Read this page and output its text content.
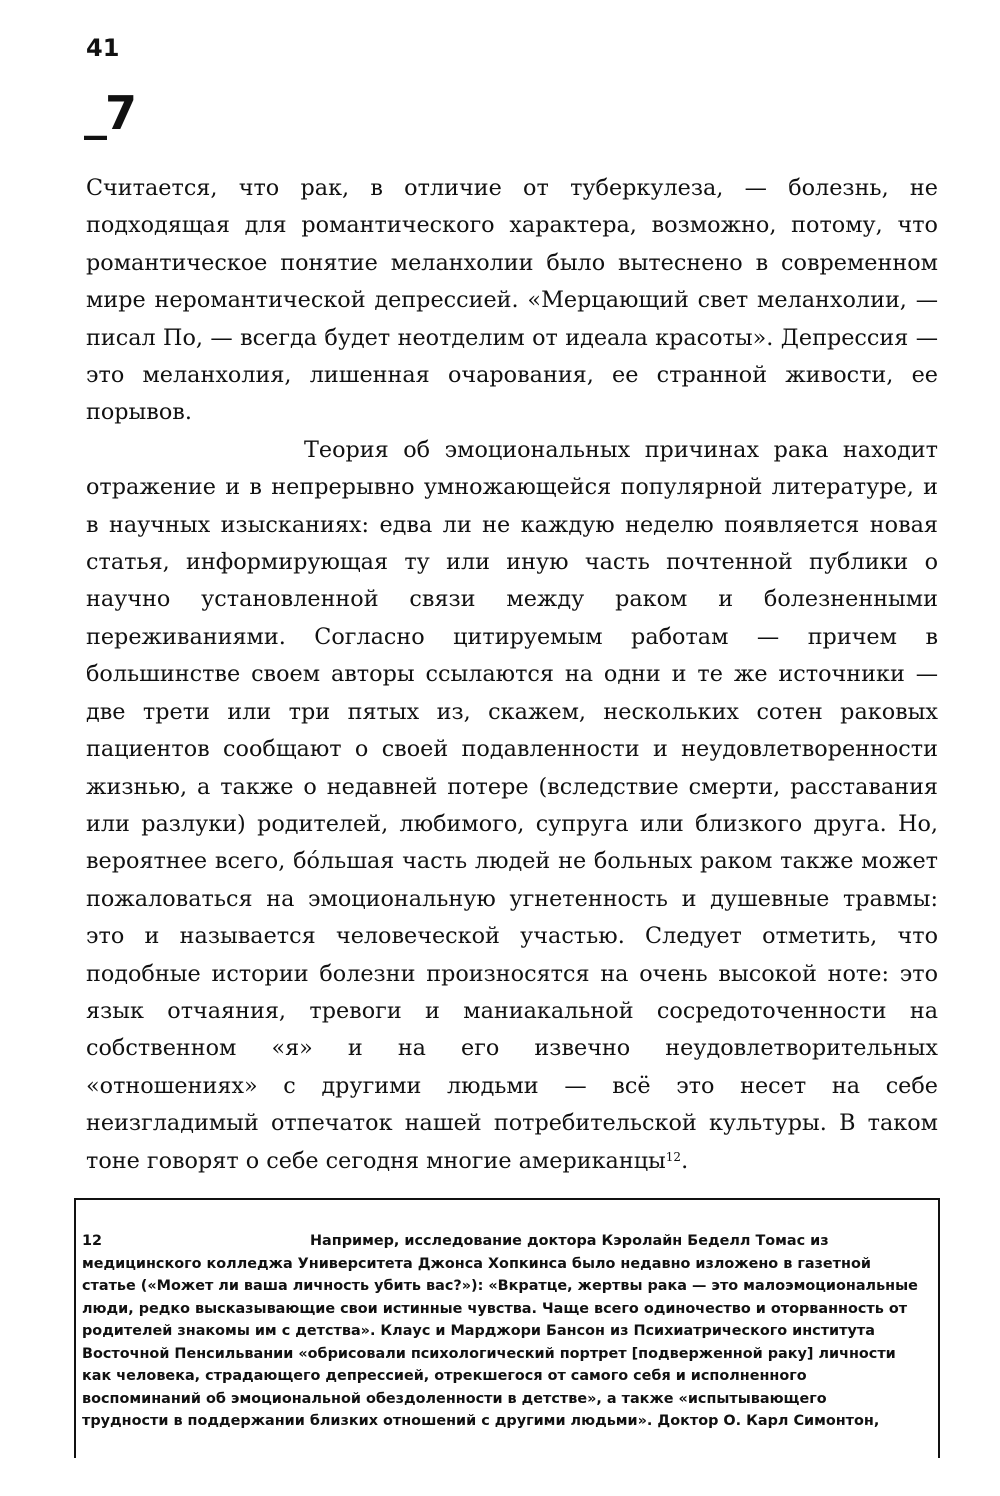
41
_7

Считается, что рак, в отличие от туберкулеза, — болезнь, не подходящая для романтического характера, возможно, потому, что романтическое понятие меланхолии было вытеснено в современном мире неромантической депрессией. «Мерцающий свет меланхолии, — писал По, — всегда будет неотделим от идеала красоты». Депрессия — это меланхолия, лишенная очарования, ее странной живости, ее порывов.

Теория об эмоциональных причинах рака находит отражение и в непрерывно умножающейся популярной литературе, и в научных изысканиях: едва ли не каждую неделю появляется новая статья, информирующая ту или иную часть почтенной публики о научно установленной связи между раком и болезненными переживаниями. Согласно цитируемым работам — причем в большинстве своем авторы ссылаются на одни и те же источники — две трети или три пятых из, скажем, нескольких сотен раковых пациентов сообщают о своей подавленности и неудовлетворенности жизнью, а также о недавней потере (вследствие смерти, расставания или разлуки) родителей, любимого, супруга или близкого друга. Но, вероятнее всего, бóльшая часть людей не больных раком также может пожаловаться на эмоциональную угнетенность и душевные травмы: это и называется человеческой участью. Следует отметить, что подобные истории болезни произносятся на очень высокой ноте: это язык отчаяния, тревоги и маниакальной сосредоточенности на собственном «я» и на его извечно неудовлетворительных «отношениях» с другими людьми — всё это несет на себе неизгладимый отпечаток нашей потребительской культуры. В таком тоне говорят о себе сегодня многие американцы$^{12}$.

12	Например, исследование доктора Кэролайн Беделл Томас из медицинского колледжа Университета Джонса Хопкинса было недавно изложено в газетной статье («Может ли ваша личность убить вас?»): «Вкратце, жертвы рака — это малоэмоциональные люди, редко высказывающие свои истинные чувства. Чаще всего одиночество и оторванность от родителей знакомы им с детства». Клаус и Марджори Бансон из Психиатрического института Восточной Пенсильвании «обрисовали психологический портрет [подверженной раку] личности как человека, страдающего депрессией, отрекшегося от самого себя и исполненного воспоминаний об эмоциональной обездоленности в детстве», а также «испытывающего трудности в поддержании близких отношений с другими людьми». Доктор О. Карл Симонтон,
